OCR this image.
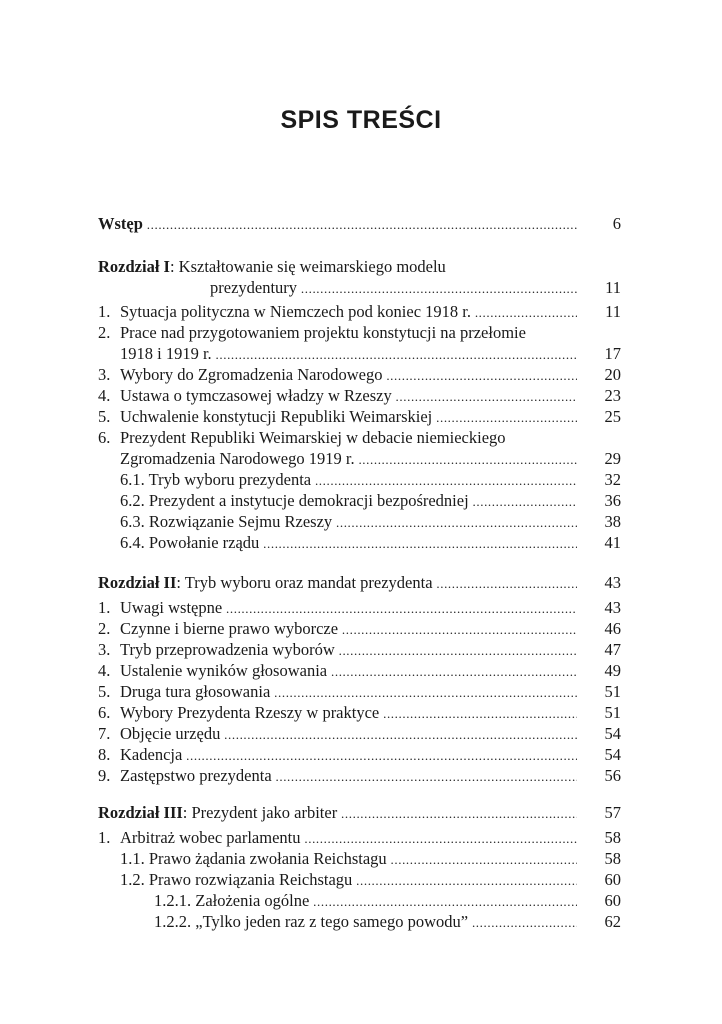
SPIS TREŚCI
Wstęp .....	6
Rozdział I: Kształtowanie się weimarskiego modelu
prezydentury .....	11
1. Sytuacja polityczna w Niemczech pod koniec 1918 r. .....	11
2. Prace nad przygotowaniem projektu konstytucji na przełomie
1918 i 1919 r. .....	17
3. Wybory do Zgromadzenia Narodowego .....	20
4. Ustawa o tymczasowej władzy w Rzeszy .....	23
5. Uchwalenie konstytucji Republiki Weimarskiej .....	25
6. Prezydent Republiki Weimarskiej w debacie niemieckiego
Zgromadzenia Narodowego 1919 r. .....	29
6.1. Tryb wyboru prezydenta .....	32
6.2. Prezydent a instytucje demokracji bezpośredniej .....	36
6.3. Rozwiązanie Sejmu Rzeszy .....	38
6.4. Powołanie rządu .....	41
Rozdział II: Tryb wyboru oraz mandat prezydenta .....	43
1. Uwagi wstępne .....	43
2. Czynne i bierne prawo wyborcze .....	46
3. Tryb przeprowadzenia wyborów .....	47
4. Ustalenie wyników głosowania .....	49
5. Druga tura głosowania .....	51
6. Wybory Prezydenta Rzeszy w praktyce .....	51
7. Objęcie urzędu .....	54
8. Kadencja .....	54
9. Zastępstwo prezydenta .....	56
Rozdział III: Prezydent jako arbiter .....	57
1. Arbitraż wobec parlamentu .....	58
1.1. Prawo żądania zwołania Reichstagu .....	58
1.2. Prawo rozwiązania Reichstagu .....	60
1.2.1. Założenia ogólne .....	60
1.2.2. „Tylko jeden raz z tego samego powodu” .....	62
